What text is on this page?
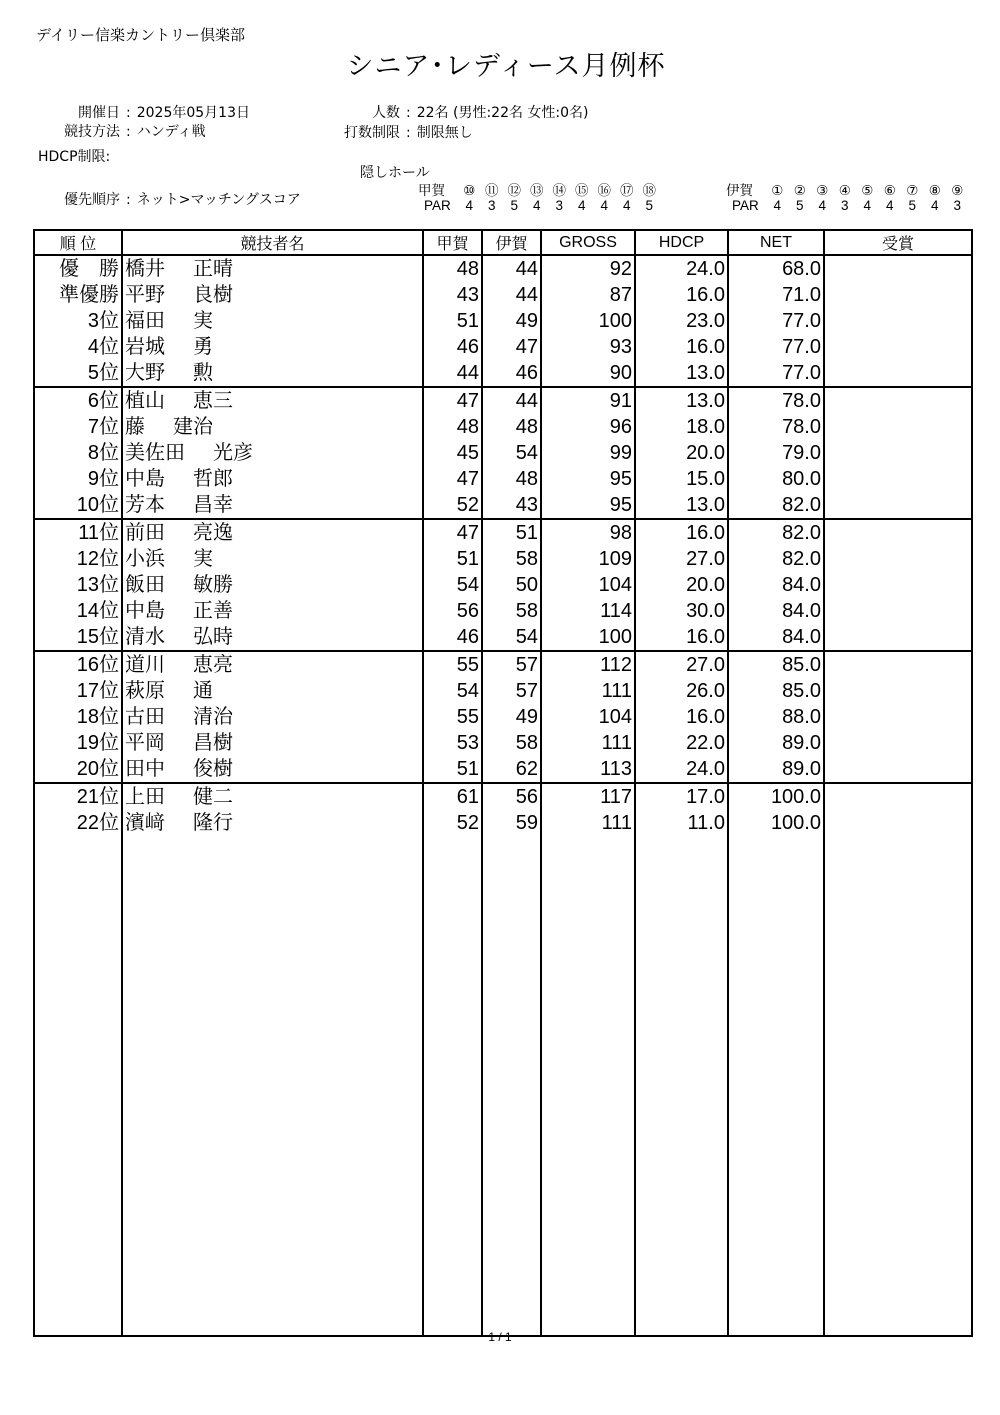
デイリー信楽カントリー倶楽部
シニア･レディース月例杯
開催日 : 2025年05月13日
競技方法 : ハンディ戦
HDCP制限:
優先順序 : ネット>マッチングスコア
人数 : 22名 (男性:22名 女性:0名)
打数制限 : 制限無し
隠しホール
甲賀 ⑩ ⑪ ⑫ ⑬ ⑭ ⑮ ⑯ ⑰ ⑱
PAR 4 3 5 4 3 4 4 4 5
伊賀 ① ② ③ ④ ⑤ ⑥ ⑦ ⑧ ⑨
PAR 4 5 4 3 4 4 5 4 3
順 位	競技者名	甲賀	伊賀	GROSS	HDCP	NET	受賞
優　勝	橋井 正晴	48	44	92	24.0	68.0	
準優勝	平野 良樹	43	44	87	16.0	71.0	
3位	福田 実	51	49	100	23.0	77.0	
4位	岩城 勇	46	47	93	16.0	77.0	
5位	大野 勲	44	46	90	13.0	77.0	
6位	植山 恵三	47	44	91	13.0	78.0	
7位	藤 建治	48	48	96	18.0	78.0	
8位	美佐田 光彦	45	54	99	20.0	79.0	
9位	中島 哲郎	47	48	95	15.0	80.0	
10位	芳本 昌幸	52	43	95	13.0	82.0	
11位	前田 亮逸	47	51	98	16.0	82.0	
12位	小浜 実	51	58	109	27.0	82.0	
13位	飯田 敏勝	54	50	104	20.0	84.0	
14位	中島 正善	56	58	114	30.0	84.0	
15位	清水 弘時	46	54	100	16.0	84.0	
16位	道川 恵亮	55	57	112	27.0	85.0	
17位	萩原 通	54	57	111	26.0	85.0	
18位	古田 清治	55	49	104	16.0	88.0	
19位	平岡 昌樹	53	58	111	22.0	89.0	
20位	田中 俊樹	51	62	113	24.0	89.0	
21位	上田 健二	61	56	117	17.0	100.0	
22位	濱﨑 隆行	52	59	111	11.0	100.0	

1 / 1
